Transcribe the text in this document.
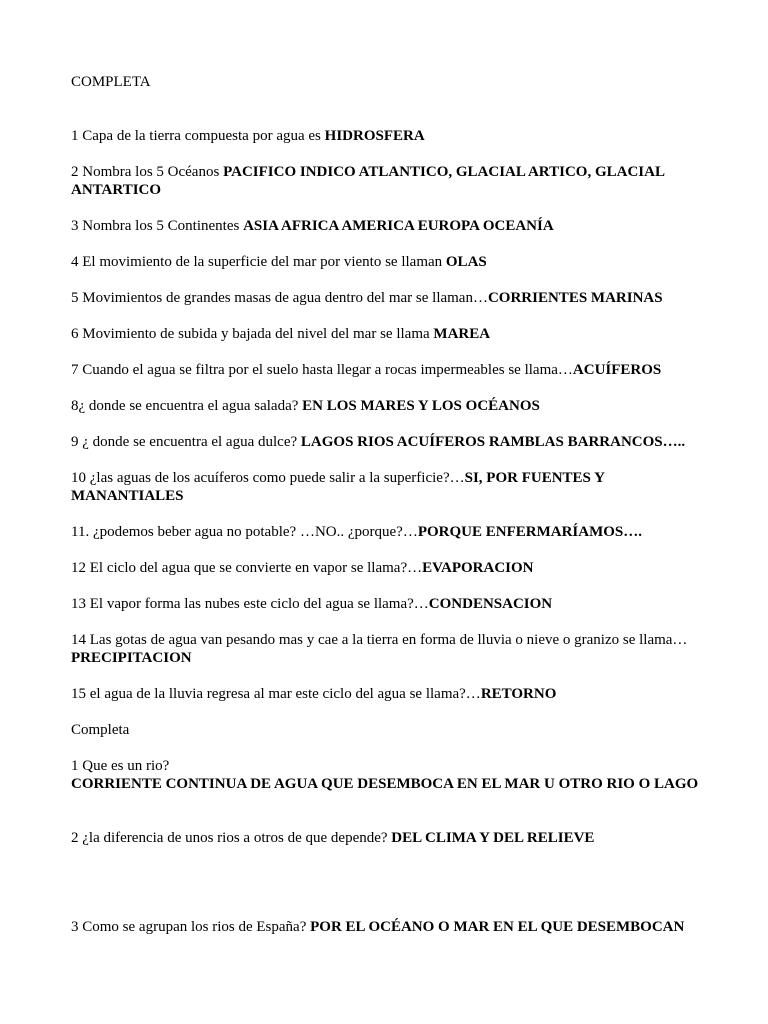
COMPLETA

1 Capa de la tierra compuesta por agua es HIDROSFERA

2 Nombra los 5 Océanos PACIFICO INDICO ATLANTICO, GLACIAL ARTICO, GLACIAL ANTARTICO

3 Nombra los 5 Continentes ASIA AFRICA AMERICA EUROPA OCEANÍA

4 El movimiento de la superficie del mar por viento se llaman OLAS

5 Movimientos de grandes masas de agua dentro del mar se llaman…CORRIENTES MARINAS

6 Movimiento de subida y bajada del nivel del mar se llama MAREA

7 Cuando el agua se filtra por el suelo hasta llegar a rocas impermeables se llama…ACUÍFEROS

8¿ donde se encuentra el agua salada? EN LOS MARES Y LOS OCÉANOS

9 ¿ donde se encuentra el agua dulce? LAGOS RIOS ACUÍFEROS RAMBLAS BARRANCOS…..

10 ¿las aguas de los acuíferos como puede salir a la superficie?…SI, POR FUENTES Y MANANTIALES

11. ¿podemos beber agua no potable? …NO.. ¿porque?…PORQUE ENFERMARÍAMOS….

12 El ciclo del agua que se convierte en vapor se llama?…EVAPORACION

13 El vapor forma las nubes este ciclo del agua se llama?…CONDENSACION

14 Las gotas de agua van pesando mas y cae a la tierra en forma de lluvia o nieve o granizo se llama…PRECIPITACION

15 el agua de la lluvia regresa al mar este ciclo del agua se llama?…RETORNO

Completa

1 Que es un rio?
CORRIENTE CONTINUA DE AGUA QUE DESEMBOCA EN EL MAR U OTRO RIO O LAGO

2 ¿la diferencia de unos rios a otros de que depende? DEL CLIMA Y DEL RELIEVE

3 Como se agrupan los rios de España? POR EL OCÉANO O MAR EN EL QUE DESEMBOCAN
